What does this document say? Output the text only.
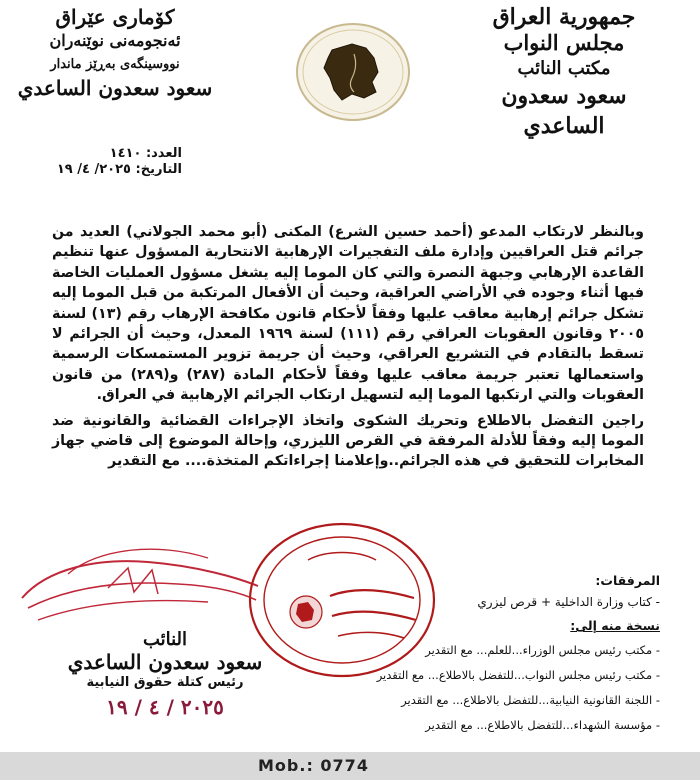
جمهورية العراق
مجلس النواب
مكتب النائب
سعود سعدون الساعدي
كۆماری عێراق
ئەنجومەنی نوێنەران
نووسینگەی بەڕێز ماندار
سعود سعدون الساعدي
العدد: ١٤١٠
التاريخ: ٢٠٢٥/ ٤/ ١٩

وبالنظر لارتكاب المدعو (أحمد حسين الشرع) المكنى (أبو محمد الجولاني) العديد من جرائم قتل العراقيين وإدارة ملف التفجيرات الإرهابية الانتحارية المسؤول عنها تنظيم القاعدة الإرهابي وجبهة النصرة والتي كان الموما إليه يشغل مسؤول العمليات الخاصة فيها أثناء وجوده في الأراضي العراقية، وحيث أن الأفعال المرتكبة من قبل الموما إليه تشكل جرائم إرهابية معاقب عليها وفقاً لأحكام قانون مكافحة الإرهاب رقم (١٣) لسنة ٢٠٠٥ وقانون العقوبات العراقي رقم (١١١) لسنة ١٩٦٩ المعدل، وحيث أن الجرائم لا تسقط بالتقادم في التشريع العراقي، وحيث أن جريمة تزوير المستمسكات الرسمية واستعمالها تعتبر جريمة معاقب عليها وفقاً لأحكام المادة (٢٨٧) و(٢٨٩) من قانون العقوبات والتي ارتكبها الموما إليه لتسهيل ارتكاب الجرائم الإرهابية في العراق.

راجين التفضل بالاطلاع وتحريك الشكوى واتخاذ الإجراءات القضائية والقانونية ضد الموما إليه وفقاً للأدلة المرفقة في القرص الليزري، وإحالة الموضوع إلى قاضي جهاز المخابرات للتحقيق في هذه الجرائم..وإعلامنا إجراءاتكم المتخذة.... مع التقدير

المرفقات:
- كتاب وزارة الداخلية + قرص ليزري
نسخة منه إلى:
- مكتب رئيس مجلس الوزراء...للعلم... مع التقدير
- مكتب رئيس مجلس النواب...للتفضل بالاطلاع... مع التقدير
- اللجنة القانونية النيابية...للتفضل بالاطلاع... مع التقدير
- مؤسسة الشهداء...للتفضل بالاطلاع... مع التقدير
النائب
سعود سعدون الساعدي
رئيس كتلة حقوق النيابية
٢٠٢٥ / ٤ / ١٩
Mob.: 0774
